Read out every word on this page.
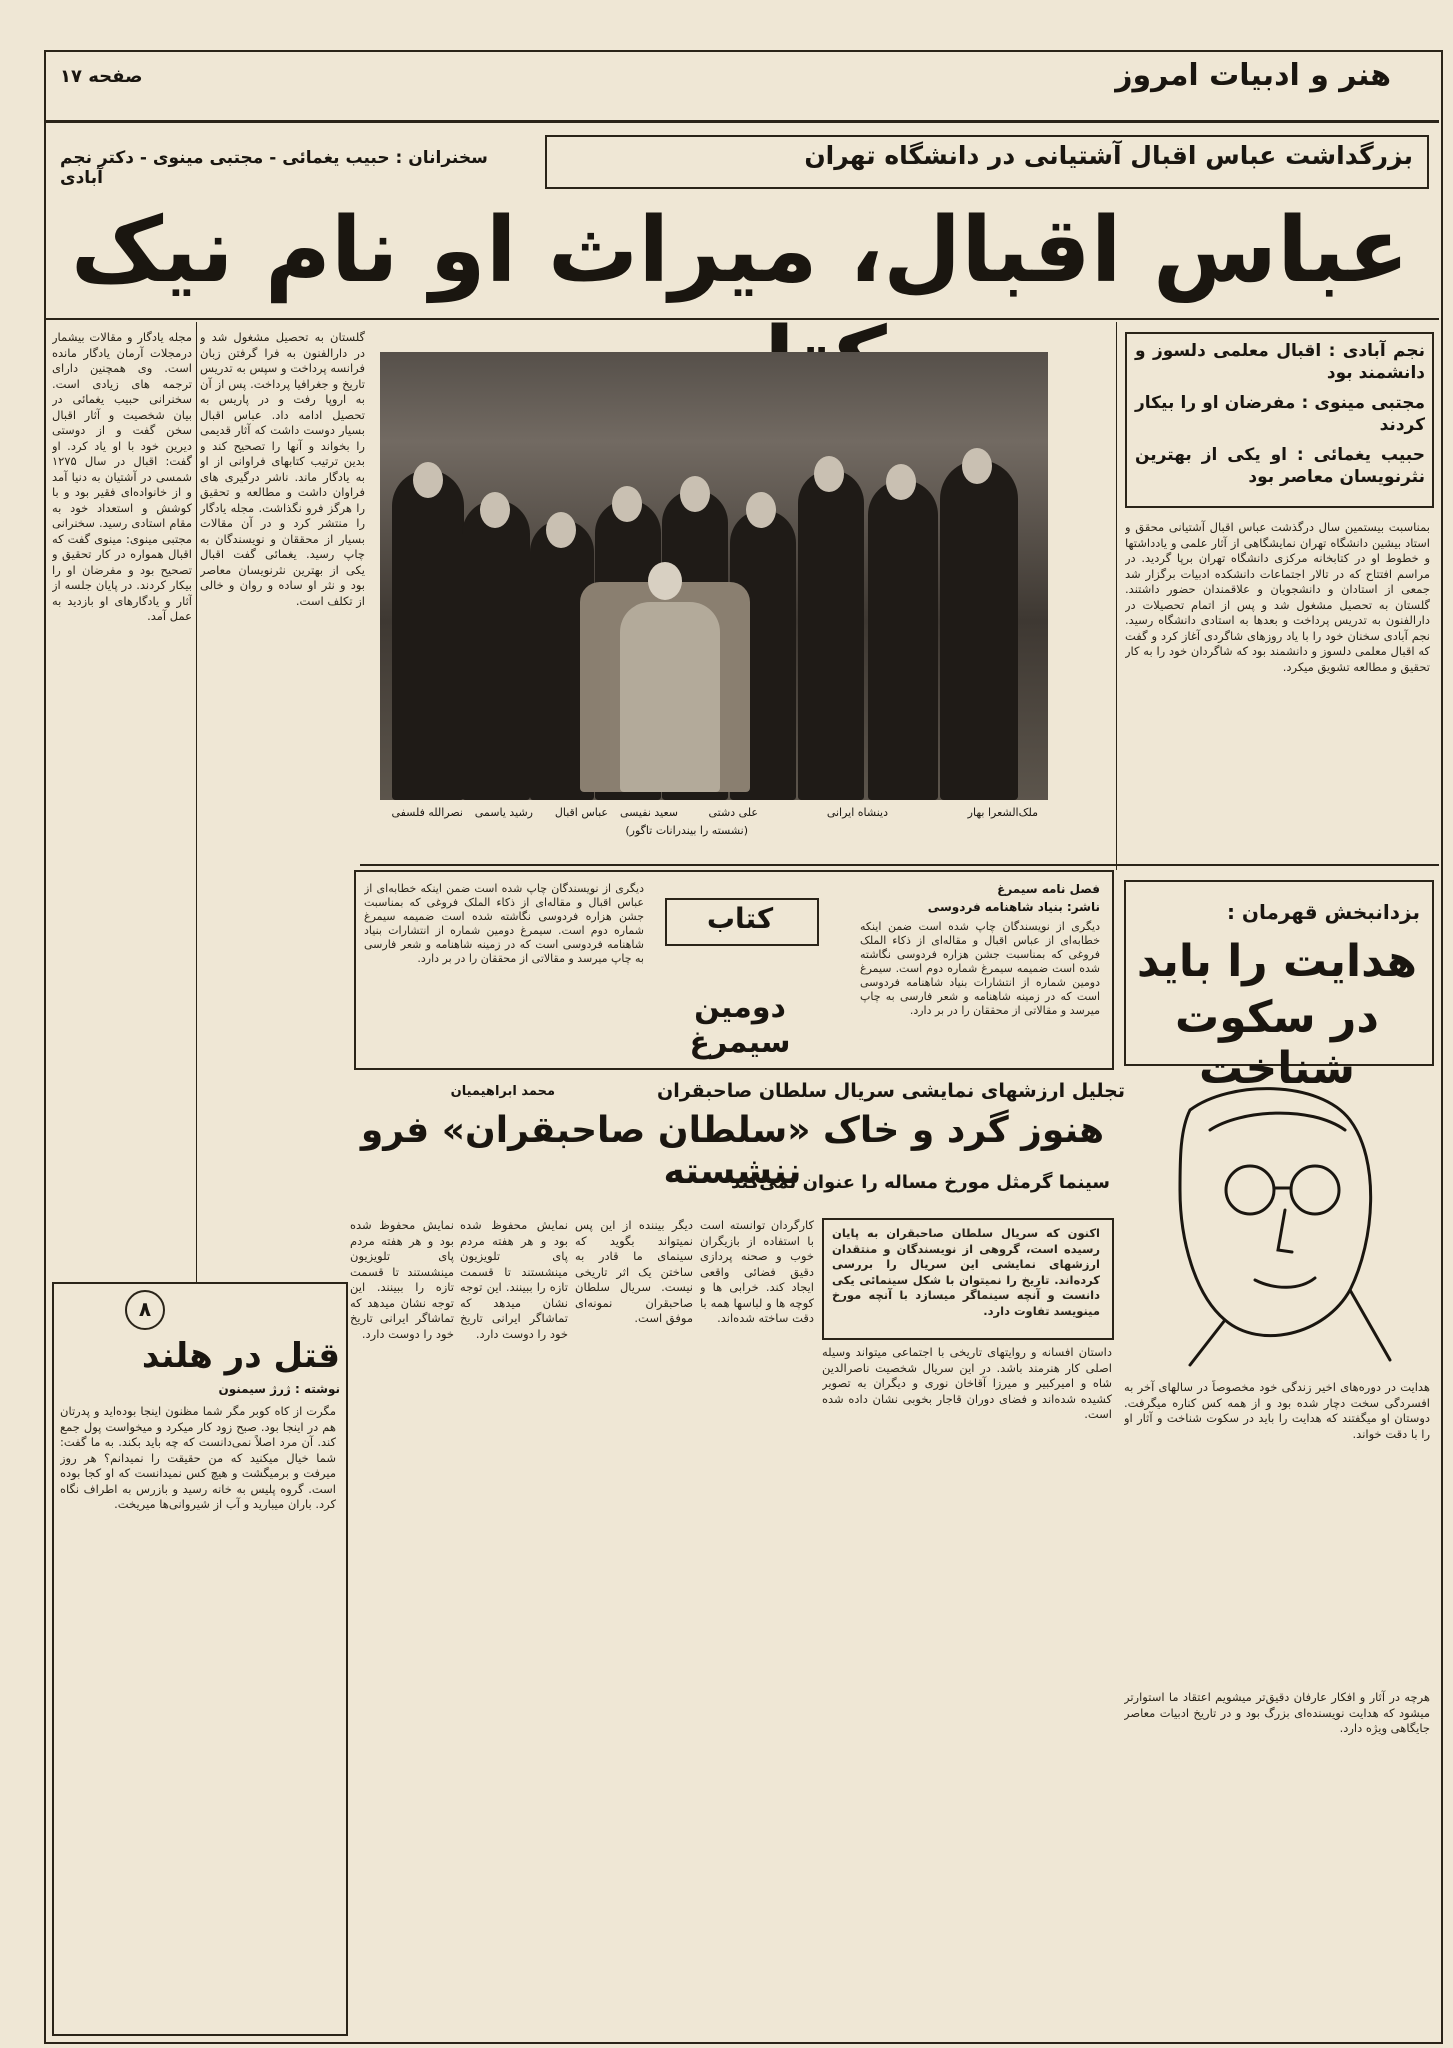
هنر و ادبیات امروز
صفحه ۱۷
بزرگداشت عباس اقبال آشتیانی در دانشگاه تهران
سخنرانان : حبیب یغمائی - مجتبی مینوی - دکتر نجم آبادی
عباس اقبال، میراث او نام نیک
نجم آبادی : اقبال معلمی دلسوز و دانشمند بود
مجتبی مینوی : مفرضان او را بیکار کردند
حبیب یغمائی : او یکی از بهترین نثرنویسان معاصر بود
بمناسبت بیستمین سال درگذشت عباس اقبال آشتیانی محقق و استاد بیشین دانشگاه تهران نمایشگاهی از آثار علمی و یادداشتها و خطوط او در کتابخانه مرکزی دانشگاه تهران برپا گردید. در مراسم افتتاح که در تالار اجتماعات دانشکده ادبیات برگزار شد جمعی از استادان و دانشجویان و علاقمندان حضور داشتند. گلستان به تحصیل مشغول شد و پس از اتمام تحصیلات در دارالفنون به تدریس پرداخت و بعدها به استادی دانشگاه رسید. نجم آبادی سخنان خود را با یاد روزهای شاگردی آغاز کرد و گفت که اقبال معلمی دلسوز و دانشمند بود که شاگردان خود را به کار تحقیق و مطالعه تشویق میکرد.
ملک‌الشعرا بهار
دینشاه ایرانی
علی دشتی
سعید نفیسی
عباس اقبال
رشید یاسمی
نصرالله فلسفی
(نشسته را بیندرانات تاگور)
گلستان به تحصیل مشغول شد و در دارالفنون به فرا گرفتن زبان فرانسه پرداخت و سپس به تدریس تاریخ و جغرافیا پرداخت. پس از آن به اروپا رفت و در پاریس به تحصیل ادامه داد. عباس اقبال بسیار دوست داشت که آثار قدیمی را بخواند و آنها را تصحیح کند و بدین ترتیب کتابهای فراوانی از او به یادگار ماند. ناشر درگیری های فراوان داشت و مطالعه و تحقیق را هرگز فرو نگذاشت. مجله یادگار را منتشر کرد و در آن مقالات بسیار از محققان و نویسندگان به چاپ رسید. یغمائی گفت اقبال یکی از بهترین نثرنویسان معاصر بود و نثر او ساده و روان و خالی از تکلف است.
مجله یادگار و مقالات بیشمار درمجلات آرمان یادگار مانده است. وی همچنین دارای ترجمه های زیادی است. سخنرانی حبیب یغمائی در بیان شخصیت و آثار اقبال سخن گفت و از دوستی دیرین خود با او یاد کرد. او گفت: اقبال در سال ۱۲۷۵ شمسی در آشتیان به دنیا آمد و از خانواده‌ای فقیر بود و با کوشش و استعداد خود به مقام استادی رسید. سخنرانی مجتبی مینوی: مینوی گفت که اقبال همواره در کار تحقیق و تصحیح بود و مفرضان او را بیکار کردند. در پایان جلسه از آثار و یادگارهای او بازدید به عمل آمد.
کتاب
دومین سیمرغ
فصل نامه سیمرغ
ناشر: بنیاد شاهنامه فردوسی
دیگری از نویسندگان چاپ شده است ضمن اینکه خطابه‌ای از عباس اقبال و مقاله‌ای از ذکاء الملک فروغی که بمناسبت جشن هزاره فردوسی نگاشته شده است ضمیمه سیمرغ شماره دوم است. سیمرغ دومین شماره از انتشارات بنیاد شاهنامه فردوسی است که در زمینه شاهنامه و شعر فارسی به چاپ میرسد و مقالاتی از محققان را در بر دارد.
دیگری از نویسندگان چاپ شده است ضمن اینکه خطابه‌ای از عباس اقبال و مقاله‌ای از ذکاء الملک فروغی که بمناسبت جشن هزاره فردوسی نگاشته شده است ضمیمه سیمرغ شماره دوم است. سیمرغ دومین شماره از انتشارات بنیاد شاهنامه فردوسی است که در زمینه شاهنامه و شعر فارسی به چاپ میرسد و مقالاتی از محققان را در بر دارد.
بزدانبخش قهرمان :
هدایت را باید
در سکوت شناخت
تجلیل ارزشهای نمایشی سریال سلطان صاحبقران
محمد ابراهیمیان
هنوز گرد و خاک «سلطان صاحبقران» فرو ننشسته
سینما گرمثل مورخ مساله را عنوان نمی‌کند
اکنون که سریال سلطان صاحبقران به پایان رسیده است، گروهی از نویسندگان و منتقدان ارزشهای نمایشی این سریال را بررسی کرده‌اند. تاریخ را نمیتوان با شکل سینمائی یکی دانست و آنچه سینماگر میسازد با آنچه مورخ مینویسد تفاوت دارد.
داستان افسانه و روایتهای تاریخی با اجتماعی میتواند وسیله اصلی کار هنرمند باشد. در این سریال شخصیت ناصرالدین شاه و امیرکبیر و میرزا آقاخان نوری و دیگران به تصویر کشیده شده‌اند و فضای دوران قاجار بخوبی نشان داده شده است.
کارگردان توانسته است با استفاده از بازیگران خوب و صحنه پردازی دقیق فضائی واقعی ایجاد کند. خرابی ها و کوچه ها و لباسها همه با دقت ساخته شده‌اند.
دیگر بیننده از این پس نمیتواند بگوید که سینمای ما قادر به ساختن یک اثر تاریخی نیست. سریال سلطان صاحبقران نمونه‌ای موفق است.
نمایش محفوظ شده بود و هر هفته مردم پای تلویزیون مینشستند تا قسمت تازه را ببینند. این توجه نشان میدهد که تماشاگر ایرانی تاریخ خود را دوست دارد.
نمایش محفوظ شده بود و هر هفته مردم پای تلویزیون مینشستند تا قسمت تازه را ببینند. این توجه نشان میدهد که تماشاگر ایرانی تاریخ خود را دوست دارد.
۸
قتل در هلند
نوشته : ژرژ سیمنون
مگرت از کاه کوبر مگر شما مظنون اینجا بوده‌اید و پدرتان هم در اینجا بود. صبح زود کار میکرد و میخواست پول جمع کند. آن مرد اصلاً نمی‌دانست که چه باید بکند. به ما گفت: شما خیال میکنید که من حقیقت را نمیدانم؟ هر روز میرفت و برمیگشت و هیچ کس نمیدانست که او کجا بوده است. گروه پلیس به خانه رسید و بازرس به اطراف نگاه کرد. باران میبارید و آب از شیروانی‌ها میریخت.
هدایت در دوره‌های اخیر زندگی خود مخصوصاً در سالهای آخر به افسردگی سخت دچار شده بود و از همه کس کناره میگرفت. دوستان او میگفتند که هدایت را باید در سکوت شناخت و آثار او را با دقت خواند.
هرچه در آثار و افکار عارفان دقیق‌تر میشویم اعتقاد ما استوارتر میشود که هدایت نویسنده‌ای بزرگ بود و در تاریخ ادبیات معاصر جایگاهی ویژه دارد.
